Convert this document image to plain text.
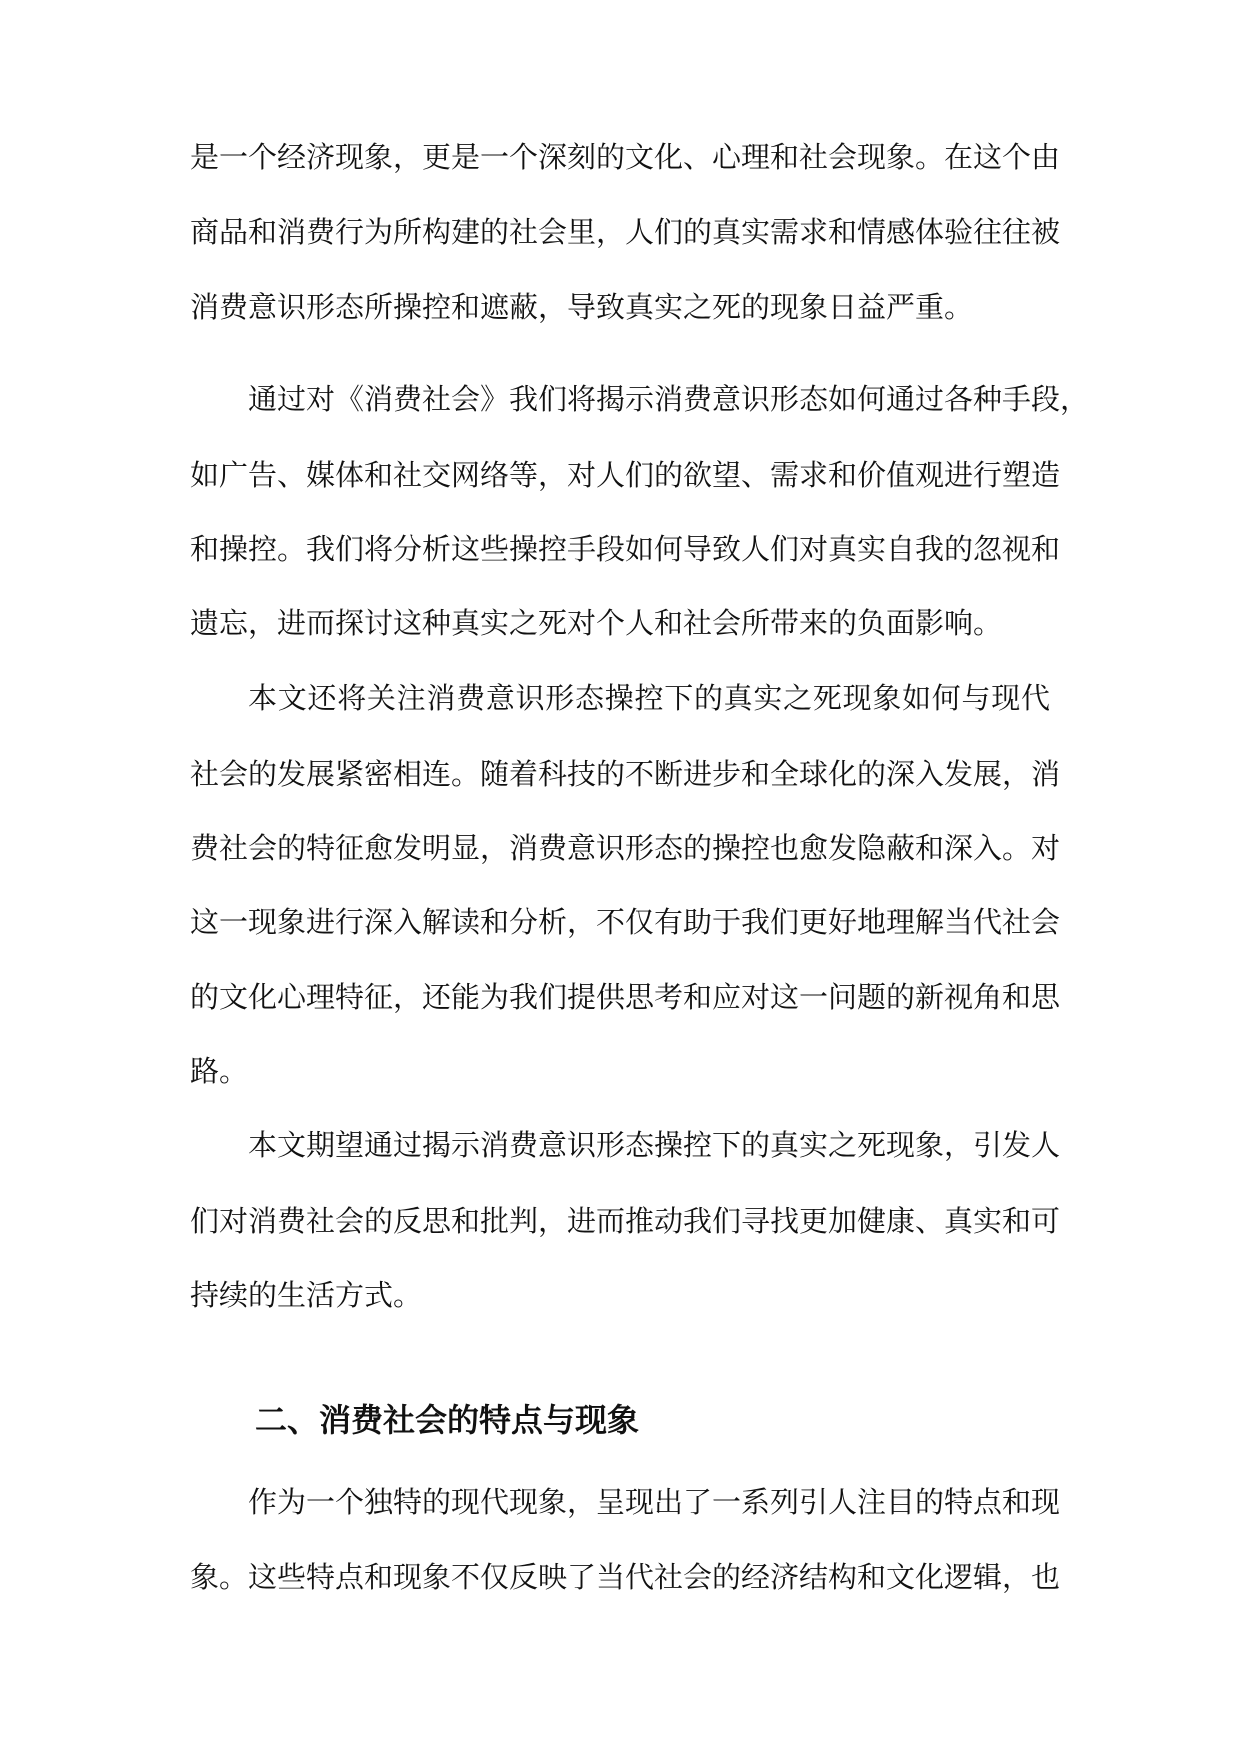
是一个经济现象，更是一个深刻的文化、心理和社会现象。在这个由
商品和消费行为所构建的社会里，人们的真实需求和情感体验往往被
消费意识形态所操控和遮蔽，导致真实之死的现象日益严重。
通过对《消费社会》我们将揭示消费意识形态如何通过各种手段，
如广告、媒体和社交网络等，对人们的欲望、需求和价值观进行塑造
和操控。我们将分析这些操控手段如何导致人们对真实自我的忽视和
遗忘，进而探讨这种真实之死对个人和社会所带来的负面影响。
本文还将关注消费意识形态操控下的真实之死现象如何与现代
社会的发展紧密相连。随着科技的不断进步和全球化的深入发展，消
费社会的特征愈发明显，消费意识形态的操控也愈发隐蔽和深入。对
这一现象进行深入解读和分析，不仅有助于我们更好地理解当代社会
的文化心理特征，还能为我们提供思考和应对这一问题的新视角和思
路。
本文期望通过揭示消费意识形态操控下的真实之死现象，引发人
们对消费社会的反思和批判，进而推动我们寻找更加健康、真实和可
持续的生活方式。
二、消费社会的特点与现象
作为一个独特的现代现象，呈现出了一系列引人注目的特点和现
象。这些特点和现象不仅反映了当代社会的经济结构和文化逻辑，也
